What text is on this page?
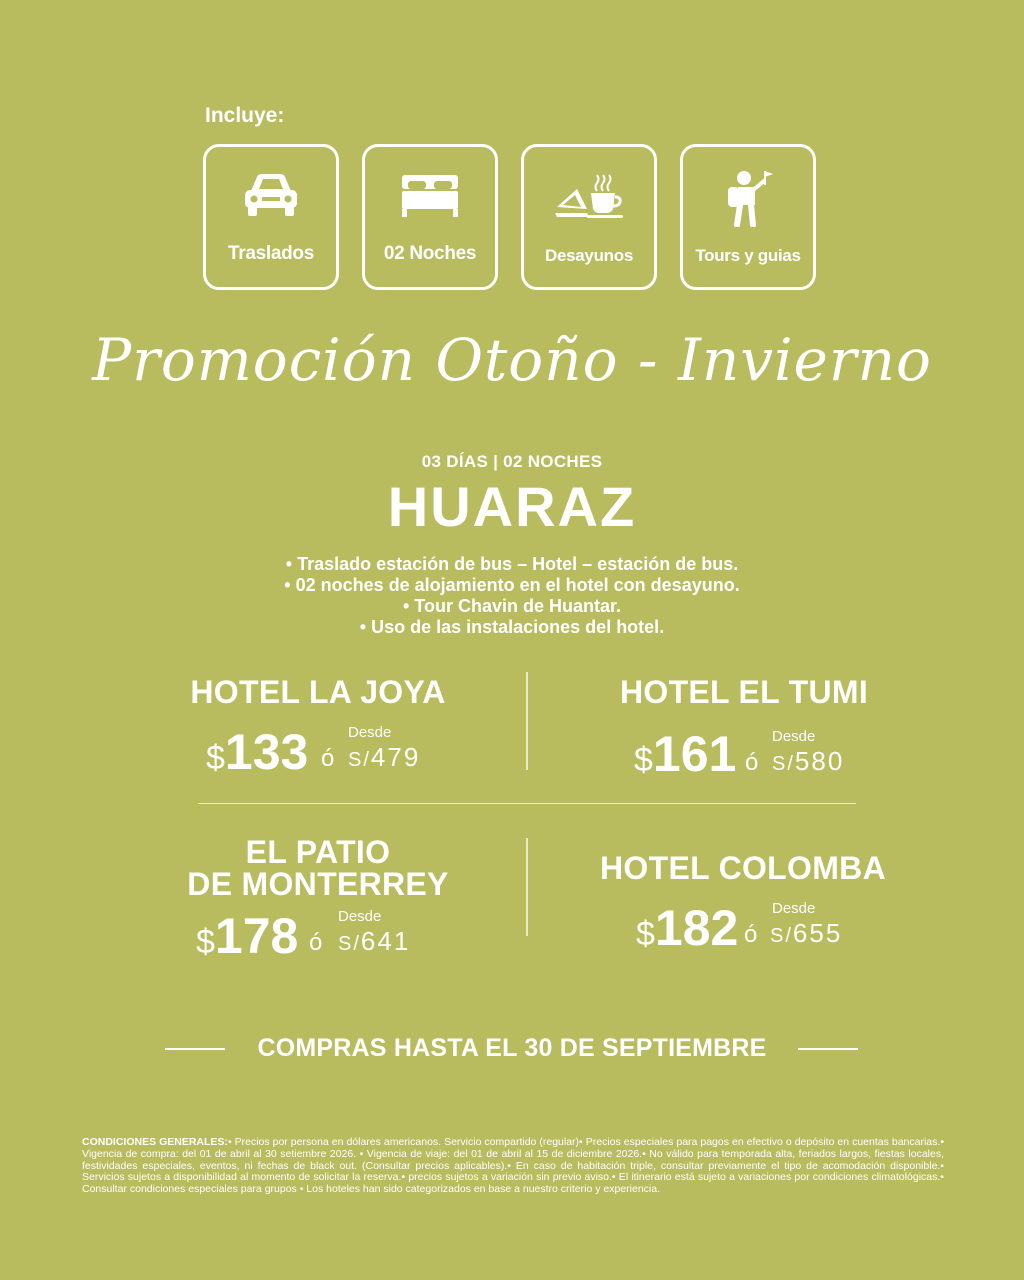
Incluye:
Traslados	02 Noches	Desayunos	Tours y guias
Promoción Otoño - Invierno
03 DÍAS | 02 NOCHES
HUARAZ
• Traslado estación de bus – Hotel – estación de bus.
• 02 noches de alojamiento en el hotel con desayuno.
• Tour Chavin de Huantar.
• Uso de las instalaciones del hotel.
HOTEL LA JOYA
$133 ó
Desde
S/479
HOTEL EL TUMI
$161 ó
Desde
S/580
EL PATIO
DE MONTERREY
$178 ó
Desde
S/641
HOTEL COLOMBA
$182 ó
Desde
S/655
COMPRAS HASTA EL 30 DE SEPTIEMBRE
CONDICIONES GENERALES:• Precios por persona en dólares americanos. Servicio compartido (regular)• Precios especiales para pagos en efectivo o depósito en cuentas bancarias.• Vigencia de compra: del 01 de abril al 30 setiembre 2026. • Vigencia de viaje: del 01 de abril al 15 de diciembre 2026.• No válido para temporada alta, feriados largos, fiestas locales, festividades especiales, eventos, ni fechas de black out. (Consultar precios aplicables).• En caso de habitación triple, consultar previamente el tipo de acomodación disponible.• Servicios sujetos a disponibilidad al momento de solicitar la reserva.• precios sujetos a variación sin previo aviso.• El itinerario está sujeto a variaciones por condiciones climatológicas.• Consultar condiciones especiales para grupos • Los hoteles han sido categorizados en base a nuestro criterio y experiencia.
